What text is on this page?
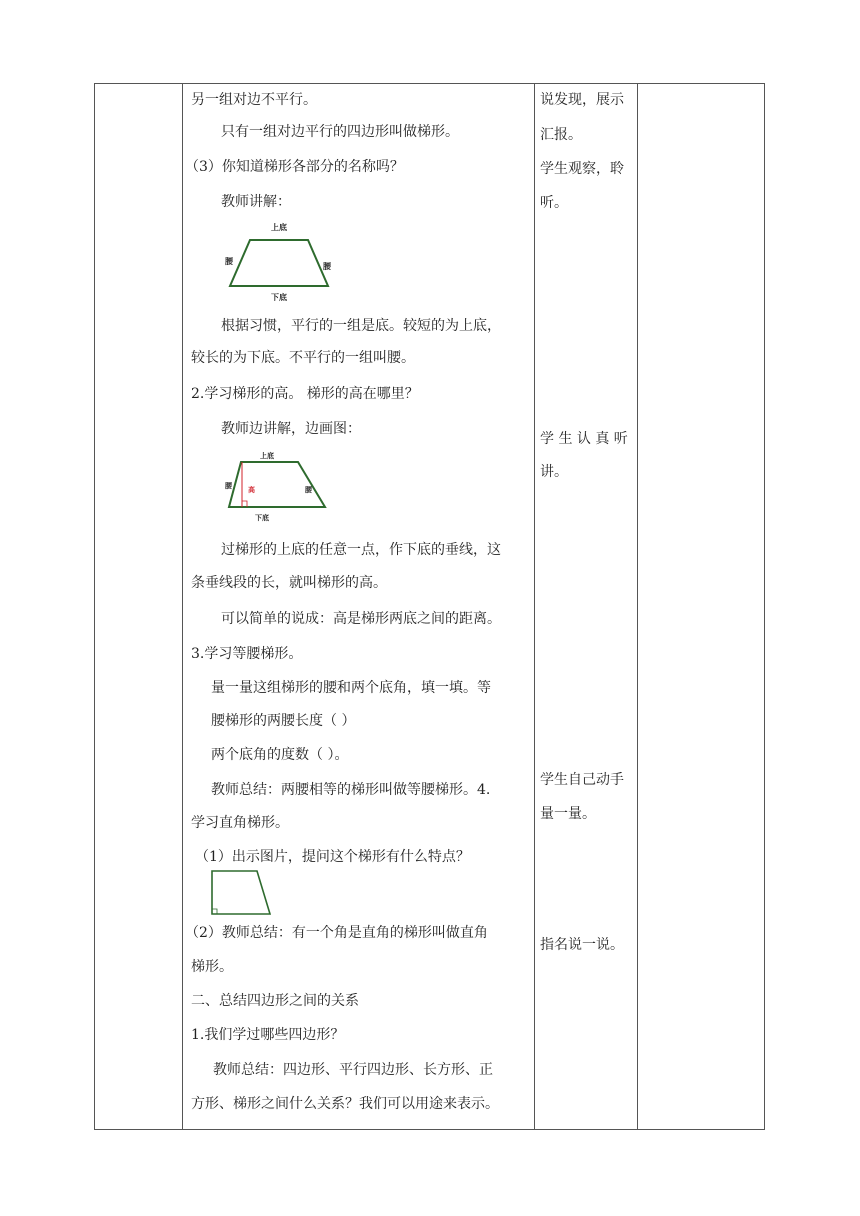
另一组对边不平行。
只有一组对边平行的四边形叫做梯形。
（3）你知道梯形各部分的名称吗？
教师讲解：
根据习惯，平行的一组是底。较短的为上底，
较长的为下底。不平行的一组叫腰。
2.学习梯形的高。 梯形的高在哪里？
教师边讲解，边画图：
过梯形的上底的任意一点，作下底的垂线，这
条垂线段的长，就叫梯形的高。
可以简单的说成：高是梯形两底之间的距离。
3.学习等腰梯形。
量一量这组梯形的腰和两个底角，填一填。等
腰梯形的两腰长度（ ）
两个底角的度数（ ）。
教师总结：两腰相等的梯形叫做等腰梯形。4.
学习直角梯形。
（1）出示图片，提问这个梯形有什么特点？
（2）教师总结：有一个角是直角的梯形叫做直角
梯形。
二、总结四边形之间的关系
1.我们学过哪些四边形？
教师总结：四边形、平行四边形、长方形、正
方形、梯形之间什么关系？我们可以用途来表示。
说发现，展示
汇报。
学生观察，聆
听。
学 生 认 真 听
讲。
学生自己动手
量一量。
指名说一说。
上底
下底
腰
腰
上底
下底
腰	腰
高
